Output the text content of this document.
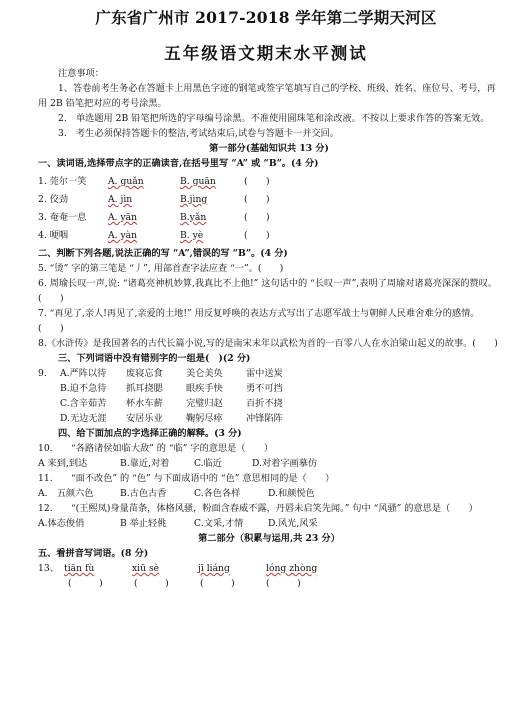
广东省广州市 2017-2018 学年第二学期天河区
五年级语文期末水平测试
注意事项：
1、答卷前考生务必在答题卡上用黑色字迹的钢笔或签字笔填写自己的学校、班级、姓名、座位号、考号，再用 2B 铅笔把对应的考号涂黑。
2.　单选题用 2B 铅笔把所选的字母编号涂黑。不准使用圆珠笔和涂改液。不按以上要求作答的答案无效。
3.　考生必须保持答题卡的整洁,考试结束后,试卷与答题卡一并交回。
第一部分(基础知识共 13 分)
一、读词语,选择带点字的正确读音,在括号里写 “A” 或 “B”。(4 分)
1. 莞尔一笑 A. guǎn	B. guān	(　　)
2. 佼劲	A. jìn	B.jìng	(　　)
3. 奄奄一息 A. yān	B.yǎn	(　　)
4. 哽咽	A. yàn	B. yè	(　　)
二、判断下列各题,说法正确的写 “A”,错误的写 “B”。(4 分)
5. “烫” 字的第三笔是 “丿”, 用部首查字法应查 “一”。(　　)
6. 周瑜长叹一声,说: “诸葛亮神机妙算,我真比不上他!” 这句话中的 “长叹一声”,表明了周瑜对诸葛亮深深的赞叹。(　　)
7. “再见了,亲人!再见了,亲爱的土地!” 用反复呼唤的表达方式写出了志愿军战士与朝鲜人民难舍难分的感情。(　　)
8.《水浒传》是我国著名的古代长篇小说,写的是南宋末年以武松为首的一百零八人在水泊梁山起义的故事。(　　)
三、下列词语中没有错别字的一组是(　)(2 分)
9. A.严阵以待 废寝忘食	美仑美奂	雷中送炭
B.迫不急待 抓耳挠腮	眼疾手快	勇不可挡
C.含辛茹苦 杯水车薪	完璧归赵	百折不挠
D.无边无涯 安居乐业	鞠躬尽瘁	冲锋陷阵
四、给下面加点的字选择正确的解释。(3 分)
10.　　“各路诸侯如临大敌” 的 “临” 字的意思是（　　）
A 来到,到达	B.靠近,对着	C.临近	D.对着字画摹仿
11.　　“面不改色” 的 “色” 与下面成语中的 “色” 意思相同的是（　　）
A.　五颜六色	B.古色古香	C.各色各样	D.和颜悦色
12.　　“(王熙凤)身量苗条，体格风骚，粉面含春威不露，丹唇未启笑先闻。” 句中 “风骚” 的意思是（　　）
A.体态俊俏	B 举止轻佻	C.文采,才情	D.风光,风采
第二部分（积累与运用,共 23 分）
五、看拼音写词语。(8 分)
13、 tiān fù	xiū sè	jī liáng	lóng zhòng
(　　　)	(　　　)	(　　　)	(　　　)
